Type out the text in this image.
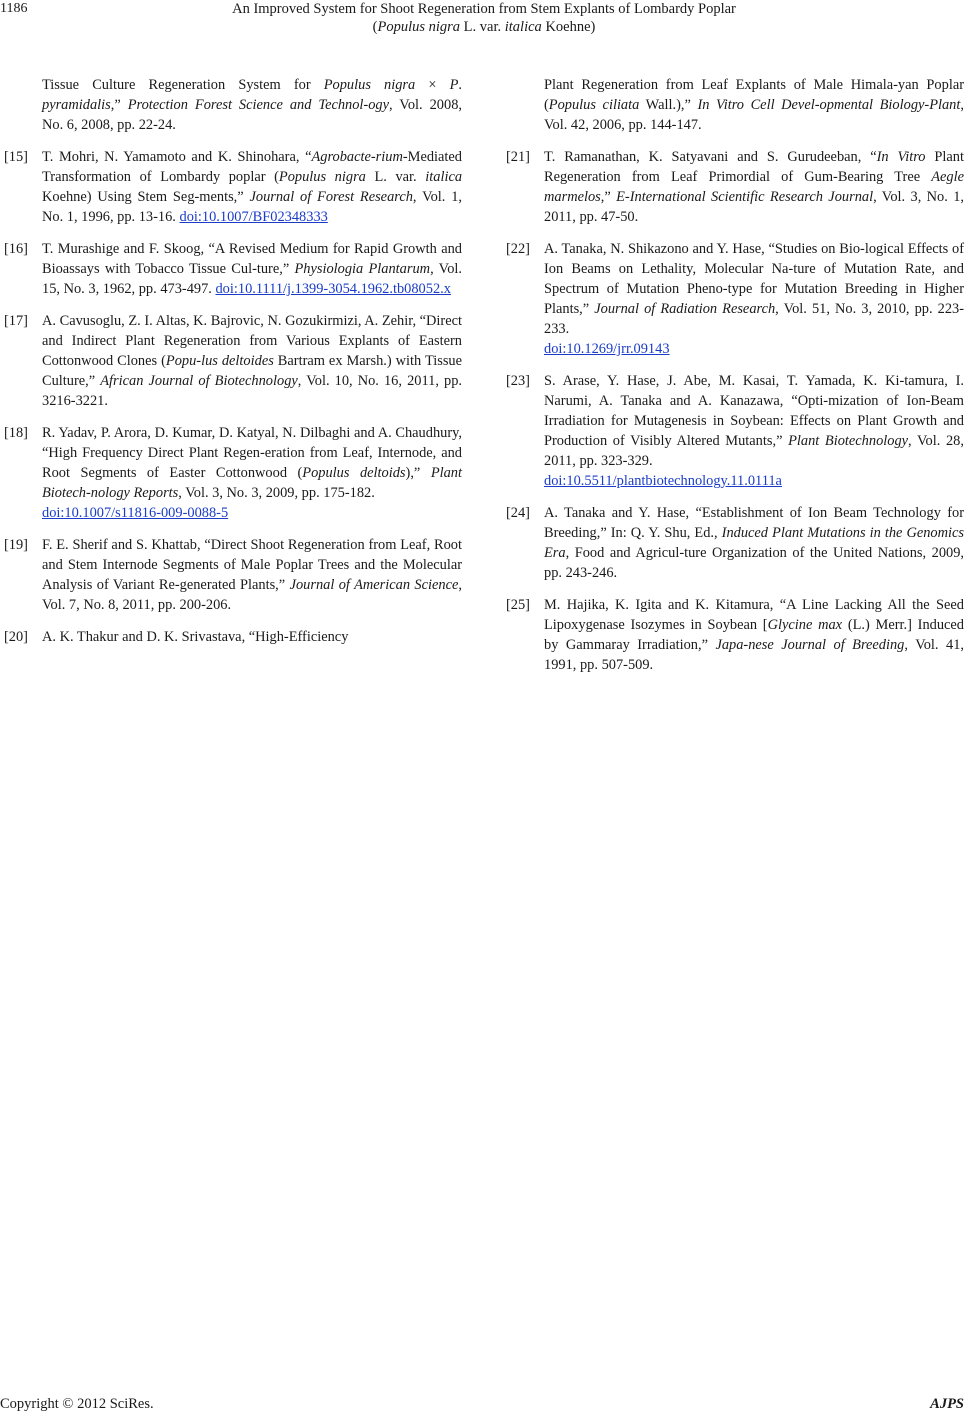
1186	An Improved System for Shoot Regeneration from Stem Explants of Lombardy Poplar
(Populus nigra L. var. italica Koehne)

Tissue Culture Regeneration System for Populus nigra × P. pyramidalis,” Protection Forest Science and Technol-ogy, Vol. 2008, No. 6, 2008, pp. 22-24.

[15] T. Mohri, N. Yamamoto and K. Shinohara, “Agrobacte-rium-Mediated Transformation of Lombardy poplar (Populus nigra L. var. italica Koehne) Using Stem Seg-ments,” Journal of Forest Research, Vol. 1, No. 1, 1996, pp. 13-16. doi:10.1007/BF02348333

[16] T. Murashige and F. Skoog, “A Revised Medium for Rapid Growth and Bioassays with Tobacco Tissue Cul-ture,” Physiologia Plantarum, Vol. 15, No. 3, 1962, pp. 473-497. doi:10.1111/j.1399-3054.1962.tb08052.x

[17] A. Cavusoglu, Z. I. Altas, K. Bajrovic, N. Gozukirmizi, A. Zehir, “Direct and Indirect Plant Regeneration from Various Explants of Eastern Cottonwood Clones (Popu-lus deltoides Bartram ex Marsh.) with Tissue Culture,” African Journal of Biotechnology, Vol. 10, No. 16, 2011, pp. 3216-3221.

[18] R. Yadav, P. Arora, D. Kumar, D. Katyal, N. Dilbaghi and A. Chaudhury, “High Frequency Direct Plant Regen-eration from Leaf, Internode, and Root Segments of Easter Cottonwood (Populus deltoids),” Plant Biotech-nology Reports, Vol. 3, No. 3, 2009, pp. 175-182.
doi:10.1007/s11816-009-0088-5

[19] F. E. Sherif and S. Khattab, “Direct Shoot Regeneration from Leaf, Root and Stem Internode Segments of Male Poplar Trees and the Molecular Analysis of Variant Re-generated Plants,” Journal of American Science, Vol. 7, No. 8, 2011, pp. 200-206.

[20] A. K. Thakur and D. K. Srivastava, “High-Efficiency

Plant Regeneration from Leaf Explants of Male Himala-yan Poplar (Populus ciliata Wall.),” In Vitro Cell Devel-opmental Biology-Plant, Vol. 42, 2006, pp. 144-147.

[21] T. Ramanathan, K. Satyavani and S. Gurudeeban, “In Vitro Plant Regeneration from Leaf Primordial of Gum-Bearing Tree Aegle marmelos,” E-International Scientific Research Journal, Vol. 3, No. 1, 2011, pp. 47-50.

[22] A. Tanaka, N. Shikazono and Y. Hase, “Studies on Bio-logical Effects of Ion Beams on Lethality, Molecular Na-ture of Mutation Rate, and Spectrum of Mutation Pheno-type for Mutation Breeding in Higher Plants,” Journal of Radiation Research, Vol. 51, No. 3, 2010, pp. 223-233.
doi:10.1269/jrr.09143

[23] S. Arase, Y. Hase, J. Abe, M. Kasai, T. Yamada, K. Ki-tamura, I. Narumi, A. Tanaka and A. Kanazawa, “Opti-mization of Ion-Beam Irradiation for Mutagenesis in Soybean: Effects on Plant Growth and Production of Visibly Altered Mutants,” Plant Biotechnology, Vol. 28, 2011, pp. 323-329.
doi:10.5511/plantbiotechnology.11.0111a

[24] A. Tanaka and Y. Hase, “Establishment of Ion Beam Technology for Breeding,” In: Q. Y. Shu, Ed., Induced Plant Mutations in the Genomics Era, Food and Agricul-ture Organization of the United Nations, 2009, pp. 243-246.

[25] M. Hajika, K. Igita and K. Kitamura, “A Line Lacking All the Seed Lipoxygenase Isozymes in Soybean [Glycine max (L.) Merr.] Induced by Gammaray Irradiation,” Japa-nese Journal of Breeding, Vol. 41, 1991, pp. 507-509.

Copyright © 2012 SciRes.	AJPS
